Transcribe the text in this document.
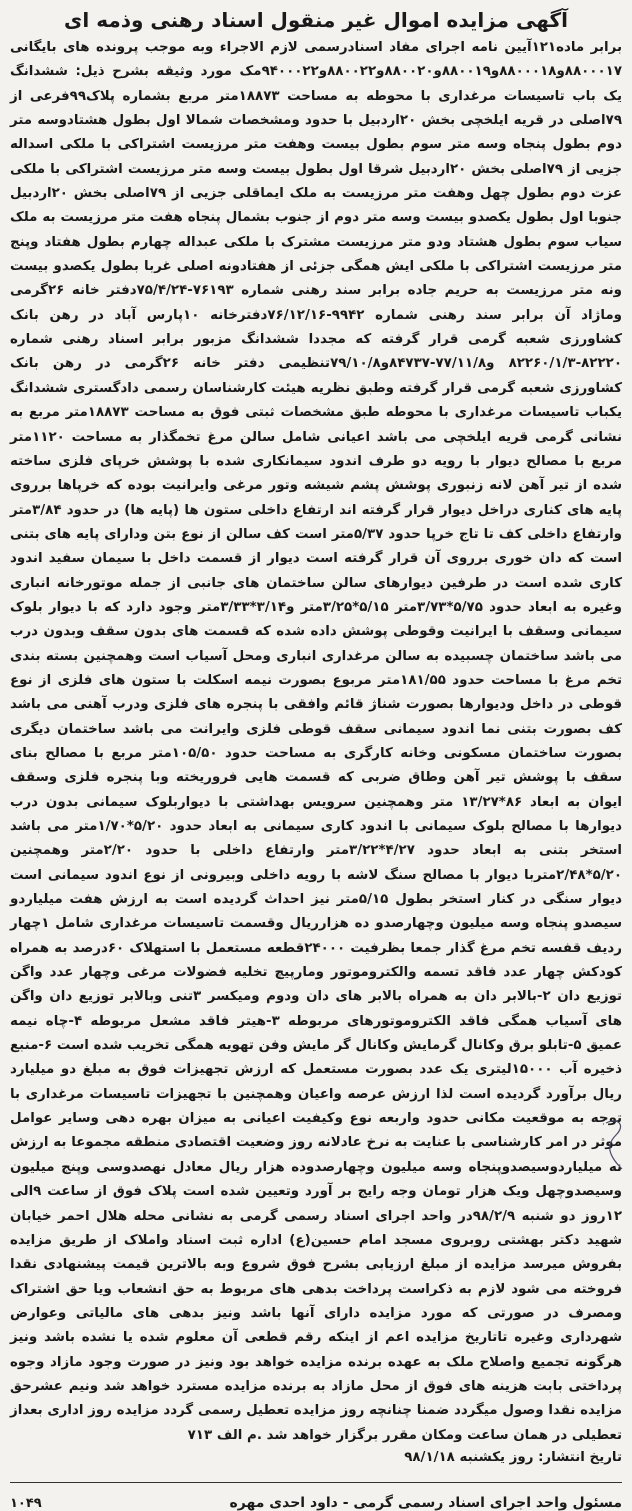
آگهی مزایده اموال غیر منقول اسناد رهنی وذمه ای

برابر ماده۱۲۱آیین نامه اجرای مفاد اسنادرسمی لازم الاجراء وبه موجب پرونده های بایگانی ۸۸۰۰۰۱۷و۸۸۰۰۰۱۸و۸۸۰۰۱۹و۸۸۰۰۲۰و۸۸۰۰۲۲و۹۴۰۰۰۲۲مک مورد وثیقه بشرح ذیل: ششدانگ یک باب تاسیسات مرغداری با محوطه به مساحت ۱۸۸۷۳متر مربع بشماره پلاک۹۹فرعی از ۷۹اصلی در قریه ایلخچی بخش ۲۰اردبیل با حدود ومشخصات شمالا اول بطول هشتادوسه متر دوم بطول پنجاه وسه متر سوم بطول بیست وهفت متر مرزیست اشتراکی با ملکی اسداله جزیی از ۷۹اصلی بخش ۲۰اردبیل شرقا اول بطول بیست وسه متر مرزیست اشتراکی با ملکی عزت دوم بطول چهل وهفت متر مرزیست به ملک ایماقلی جزیی از ۷۹اصلی بخش ۲۰اردبیل جنوبا اول بطول یکصدو بیست وسه متر دوم از جنوب بشمال پنجاه هفت متر مرزیست به ملک سیاب سوم بطول هشتاد ودو متر مرزیست مشترک با ملکی عبداله چهارم بطول هفتاد وپنج متر مرزیست اشتراکی با ملکی ایش همگی جزئی از هفتادونه اصلی غربا بطول یکصدو بیست ونه متر مرزیست به حریم جاده برابر سند رهنی شماره ۷۶۱۹۳-۷۵/۴/۲۴دفتر خانه ۲۶گرمی وماژاد آن برابر سند رهنی شماره ۹۹۴۲-۷۶/۱۲/۱۶دفترخانه ۱۰پارس آباد در رهن بانک کشاورزی شعبه گرمی قرار گرفته که مجددا ششدانگ مزبور برابر اسناد رهنی شماره ۸۲۲۲۰-۸۲۲۶۰/۱/۳ و۷۷/۱۱/۸-۸۴۷۳۷و۷۹/۱۰/۸تنظیمی دفتر خانه ۲۶گرمی در رهن بانک کشاورزی شعبه گرمی قرار گرفته وطبق نظریه هیئت کارشناسان رسمی دادگستری ششدانگ یکباب تاسیسات مرغداری با محوطه طبق مشخصات ثبتی فوق به مساحت ۱۸۸۷۳متر مربع به نشانی گرمی قریه ایلخچی می باشد اعیانی شامل سالن مرغ تخمگذار به مساحت ۱۱۲۰متر مربع با مصالح دیوار با رویه دو طرف اندود سیمانکاری شده با پوشش خرپای فلزی ساخته شده از تیر آهن لانه زنبوری پوشش پشم شیشه وتور مرغی وایرانیت بوده که خرپاها برروی پایه های کناری دراخل دیوار قرار گرفته اند ارتفاع داخلی ستون ها (پایه ها) در حدود ۳/۸۴متر وارتفاع داخلی کف تا تاج خرپا حدود ۵/۳۷متر است کف سالن از نوع بتن ودارای پایه های بتنی است که دان خوری برروی آن قرار گرفته است دیوار از قسمت داخل با سیمان سفید اندود کاری شده است در طرفین دیوارهای سالن ساختمان های جانبی از جمله موتورخانه انباری وغیره به ابعاد حدود ۵/۷۵*۳/۷۳متر ۵/۱۵*۳/۲۵متر و۳/۱۴*۳/۳۳متر وجود دارد که با دیوار بلوک سیمانی وسقف با ایرانیت وقوطی پوشش داده شده که قسمت های بدون سقف وبدون درب می باشد ساختمان چسبیده به سالن مرغداری انباری ومحل آسیاب است وهمچنین بسته بندی تخم مرغ با مساحت حدود ۱۸۱/۵۵متر مربوع بصورت نیمه اسکلت با ستون های فلزی از نوع قوطی در داخل ودیوارها بصورت شناژ قائم وافقی با پنجره های فلزی ودرب آهنی می باشد کف بصورت بتنی نما اندود سیمانی سقف قوطی فلزی وایرانت می باشد ساختمان دیگری بصورت ساختمان مسکونی وخانه کارگری به مساحت حدود ۱۰۵/۵۰متر مربع با مصالح بنای سقف با پوشش تیر آهن وطاق ضربی که قسمت هایی فروریخته وبا پنجره فلزی وسقف ایوان به ابعاد ۸۶*۱۳/۲۷ متر وهمچنین سرویس بهداشتی با دیواربلوک سیمانی بدون درب دیوارها با مصالح بلوک سیمانی با اندود کاری سیمانی به ابعاد حدود ۵/۲۰*۱/۷۰متر می باشد استخر بتنی به ابعاد حدود ۴/۲۷*۳/۲۲متر وارتفاع داخلی با حدود ۲/۲۰متر وهمچنین ۵/۲۰*۲/۴۸متربا دیوار با مصالح سنگ لاشه با رویه داخلی وبیرونی از نوع اندود سیمانی است دیوار سنگی در کنار استخر بطول ۵/۱۵متر نیز احداث گردیده است به ارزش هفت میلیاردو سیصدو پنجاه وسه میلیون وچهارصدو ده هزارریال وقسمت تاسیسات مرغداری شامل ۱چهار ردیف قفسه تخم مرغ گذار جمعا بظرفیت ۲۴۰۰۰قطعه مستعمل با استهلاک ۶۰درصد به همراه کودکش چهار عدد فاقد تسمه والکتروموتور ومارپیچ تخلیه فضولات مرغی وچهار عدد واگن توزیع دان ۲-بالابر دان به همراه بالابر های دان ودوم ومیکسر ۳تنی وبالابر توزیع دان واگن های آسیاب همگی فاقد الکتروموتورهای مربوطه ۳-هیتر فاقد مشعل مربوطه ۴-چاه نیمه عمیق ۵-تابلو برق وکانال گرمایش وکانال گر مایش وفن تهویه همگی تخریب شده است ۶-منبع ذخیره آب ۱۵۰۰۰لیتری یک عدد بصورت مستعمل که ارزش تجهیزات فوق به مبلغ دو میلیارد ریال برآورد گردیده است لذا ارزش عرصه واعیان وهمچنین با تجهیزات تاسیسات مرغداری با توجه به موقعیت مکانی حدود واربعه نوع وکیفیت اعیانی به میزان بهره دهی وسایر عوامل موثر در امر کارشناسی با عنایت به نرخ عادلانه روز وضعیت اقتصادی منطقه مجموعا به ارزش نه میلیاردوسیصدوپنجاه وسه میلیون وچهارصدوده هزار ریال معادل نهصدوسی وپنج میلیون وسیصدوچهل ویک هزار تومان وجه رایج بر آورد وتعیین شده است پلاک فوق از ساعت ۹الی ۱۲روز دو شنبه ۹۸/۲/۹در واحد اجرای اسناد رسمی گرمی به نشانی محله هلال احمر خیابان شهید دکتر بهشتی روبروی مسجد امام حسین(ع) اداره ثبت اسناد واملاک از طریق مزایده بفروش میرسد مزایده از مبلغ ارزیابی بشرح فوق شروع وبه بالاترین قیمت پیشنهادی نقدا فروخته می شود لازم به ذکراست پرداخت بدهی های مربوط به حق انشعاب ویا حق اشتراک ومصرف در صورتی که مورد مزایده دارای آنها باشد ونیز بدهی های مالیاتی وعوارض شهرداری وغیره تاتاریخ مزایده اعم از اینکه رقم قطعی آن معلوم شده یا نشده باشد ونیز هرگونه تجمیع واصلاح ملک به عهده برنده مزایده خواهد بود ونیز در صورت وجود مازاد وجوه پرداختی بابت هزینه های فوق از محل مازاد به برنده مزایده مسترد خواهد شد ونیم عشرحق مزایده نقدا وصول میگردد ضمنا چنانچه روز مزایده تعطیل رسمی گردد مزایده روز اداری بعداز تعطیلی در همان ساعت ومکان مقرر برگزار خواهد شد .م الف ۷۱۳

تاریخ انتشار: روز یکشنبه ۹۸/۱/۱۸
مسئول واحد اجرای اسناد رسمی گرمی - داود احدی مهره
۱۰۴۹
